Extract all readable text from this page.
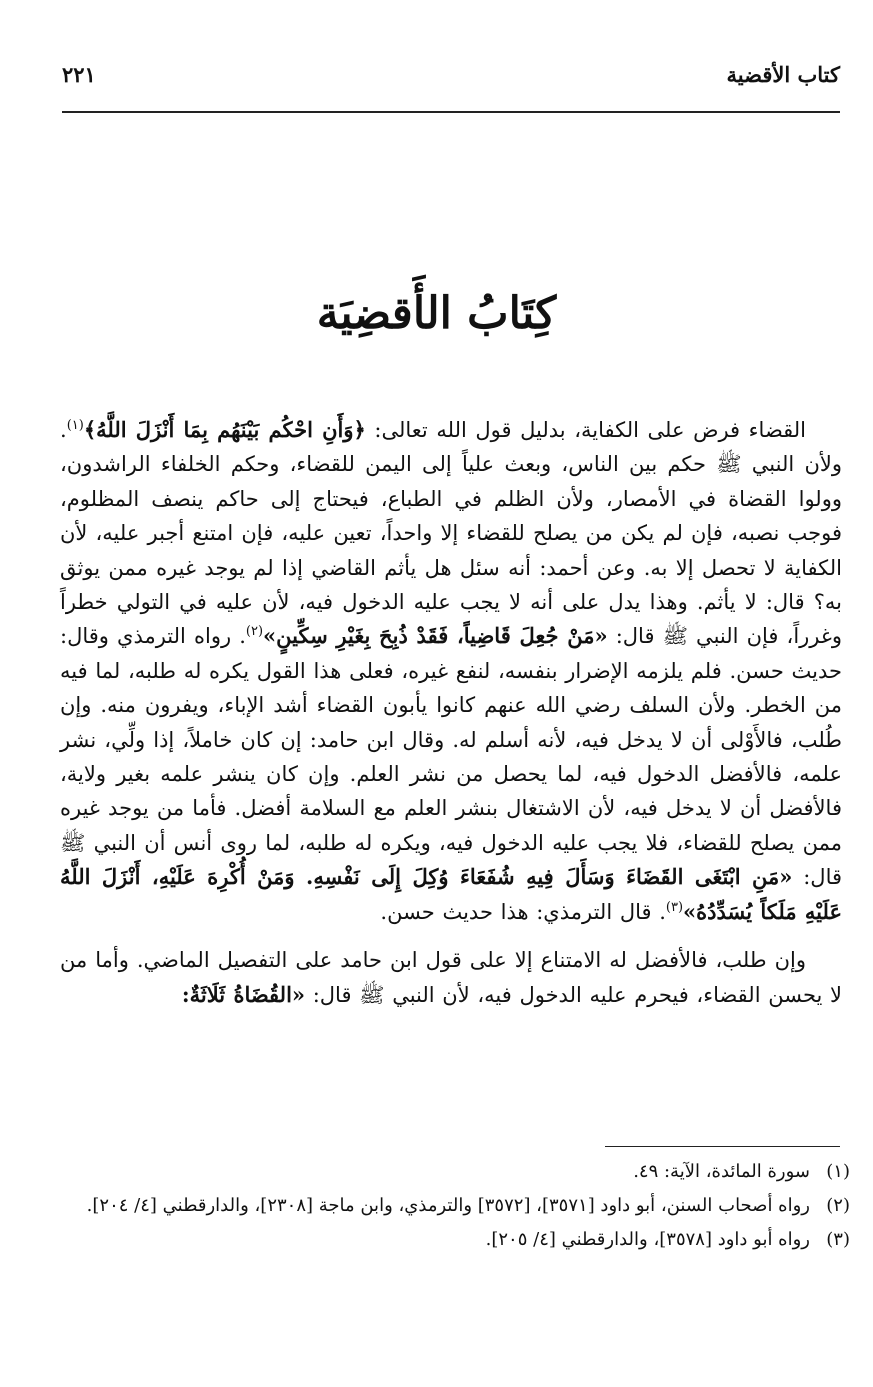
كتاب الأقضية
٢٢١
كِتَابُ الأَقضِيَة

القضاء فرض على الكفاية، بدليل قول الله تعالى: ﴿وَأَنِ احْكُم بَيْنَهُم بِمَا أَنْزَلَ اللَّهُ﴾$^{(١)}$. ولأن النبي ﷺ حكم بين الناس، وبعث علياً إلى اليمن للقضاء، وحكم الخلفاء الراشدون، وولوا القضاة في الأمصار، ولأن الظلم في الطباع، فيحتاج إلى حاكم ينصف المظلوم، فوجب نصبه، فإن لم يكن من يصلح للقضاء إلا واحداً، تعين عليه، فإن امتنع أجبر عليه، لأن الكفاية لا تحصل إلا به. وعن أحمد: أنه سئل هل يأثم القاضي إذا لم يوجد غيره ممن يوثق به؟ قال: لا يأثم. وهذا يدل على أنه لا يجب عليه الدخول فيه، لأن عليه في التولي خطراً وغرراً، فإن النبي ﷺ قال: «مَنْ جُعِلَ قَاضِياً، فَقَدْ ذُبِحَ بِغَيْرِ سِكِّينٍ»$^{(٢)}$. رواه الترمذي وقال: حديث حسن. فلم يلزمه الإضرار بنفسه، لنفع غيره، فعلى هذا القول يكره له طلبه، لما فيه من الخطر. ولأن السلف رضي الله عنهم كانوا يأبون القضاء أشد الإباء، ويفرون منه. وإن طُلب، فالأَوْلى أن لا يدخل فيه، لأنه أسلم له. وقال ابن حامد: إن كان خاملاً، إذا ولِّي، نشر علمه، فالأفضل الدخول فيه، لما يحصل من نشر العلم. وإن كان ينشر علمه بغير ولاية، فالأفضل أن لا يدخل فيه، لأن الاشتغال بنشر العلم مع السلامة أفضل. فأما من يوجد غيره ممن يصلح للقضاء، فلا يجب عليه الدخول فيه، ويكره له طلبه، لما روى أنس أن النبي ﷺ قال: «مَنِ ابْتَغَى القَضَاءَ وَسَأَلَ فِيهِ شُفَعَاءَ وُكِلَ إِلَى نَفْسِهِ. وَمَنْ أُكْرِهَ عَلَيْهِ، أَنْزَلَ اللَّهُ عَلَيْهِ مَلَكاً يُسَدِّدُهُ»$^{(٣)}$. قال الترمذي: هذا حديث حسن.

وإن طلب، فالأفضل له الامتناع إلا على قول ابن حامد على التفصيل الماضي. وأما من لا يحسن القضاء، فيحرم عليه الدخول فيه، لأن النبي ﷺ قال: «القُضَاةُ ثَلَاثَةٌ:

(١)
سورة المائدة، الآية: ٤٩.
(٢)
رواه أصحاب السنن، أبو داود [٣٥٧١]، [٣٥٧٢] والترمذي، وابن ماجة [٢٣٠٨]، والدارقطني [٤/ ٢٠٤].
(٣)
رواه أبو داود [٣٥٧٨]، والدارقطني [٤/ ٢٠٥].
